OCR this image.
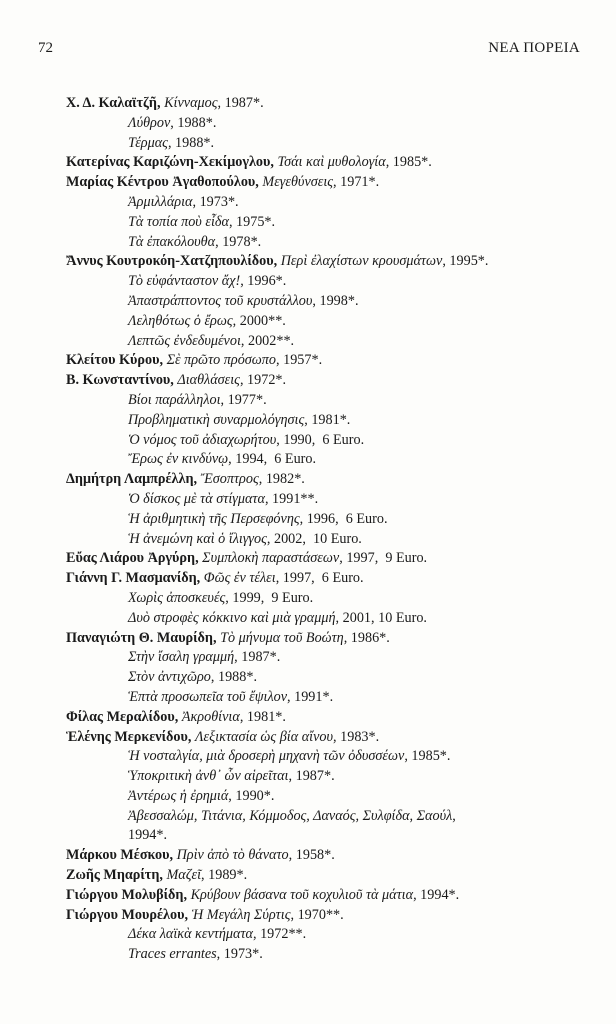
72	ΝΕΑ ΠΟΡΕΙΑ
Χ. Δ. Καλαϊτζῆ, Κίνναμος, 1987*.
Λύθρον, 1988*.
Τέρμας, 1988*.
Κατερίνας Καριζώνη-Χεκίμογλου, Τσάι καὶ μυθολογία, 1985*.
Μαρίας Κέντρου Ἀγαθοπούλου, Μεγεθύνσεις, 1971*.
Ἀρμιλλάρια, 1973*.
Τὰ τοπία ποὺ εἶδα, 1975*.
Τὰ ἐπακόλουθα, 1978*.
Ἄννυς Κουτροκόη-Χατζηπουλίδου, Περὶ ἐλαχίστων κρουσμάτων, 1995*.
Τὸ εὐφάνταστον ἄχ!, 1996*.
Ἀπαστράπτοντος τοῦ κρυστάλλου, 1998*.
Λεληθότως ὁ ἔρως, 2000**.
Λεπτῶς ἐνδεδυμένοι, 2002**.
Κλείτου Κύρου, Σὲ πρῶτο πρόσωπο, 1957*.
Β. Κωνσταντίνου, Διαθλάσεις, 1972*.
Βίοι παράλληλοι, 1977*.
Προβληματικὴ συναρμολόγησις, 1981*.
Ὁ νόμος τοῦ ἀδιαχωρήτου, 1990,  6 Euro.
Ἔρως ἐν κινδύνῳ, 1994,  6 Euro.
Δημήτρη Λαμπρέλλη, Ἔσοπτρος, 1982*.
Ὁ δίσκος μὲ τὰ στίγματα, 1991**.
Ἡ ἀριθμητικὴ τῆς Περσεφόνης, 1996,  6 Euro.
Ἡ ἀνεμώνη καὶ ὁ ἴλιγγος, 2002,  10 Euro.
Εὔας Λιάρου Ἀργύρη, Συμπλοκὴ παραστάσεων, 1997,  9 Euro.
Γιάννη Γ. Μασμανίδη, Φῶς ἐν τέλει, 1997,  6 Euro.
Χωρὶς ἀποσκευές, 1999,  9 Euro.
Δυὸ στροφὲς κόκκινο καὶ μιὰ γραμμή, 2001, 10 Euro.
Παναγιώτη Θ. Μαυρίδη, Τὸ μήνυμα τοῦ Βοώτη, 1986*.
Στὴν ἴσαλη γραμμή, 1987*.
Στὸν ἀντιχῶρο, 1988*.
Ἑπτὰ προσωπεῖα τοῦ ἔψιλον, 1991*.
Φίλας Μεραλίδου, Ἀκροθίνια, 1981*.
Ἑλένης Μερκενίδου, Λεξικτασία ὡς βία αἴνου, 1983*.
Ἡ νοσταλγία, μιὰ δροσερὴ μηχανὴ τῶν ὀδυσσέων, 1985*.
Ὑποκριτικὴ ἀνθ᾽ ὧν αἱρεῖται, 1987*.
Ἀντέρως ἡ ἐρημιά, 1990*.
Ἀβεσσαλώμ, Τιτάνια, Κόμμοδος, Δαναός, Συλφίδα, Σαούλ,
1994*.
Μάρκου Μέσκου, Πρὶν ἀπὸ τὸ θάνατο, 1958*.
Ζωῆς Μηαρίτη, Μαζεῖ, 1989*.
Γιώργου Μολυβίδη, Κρύβουν βάσανα τοῦ κοχυλιοῦ τὰ μάτια, 1994*.
Γιώργου Μουρέλου, Ἡ Μεγάλη Σύρτις, 1970**.
Δέκα λαϊκὰ κεντήματα, 1972**.
Traces errantes, 1973*.
